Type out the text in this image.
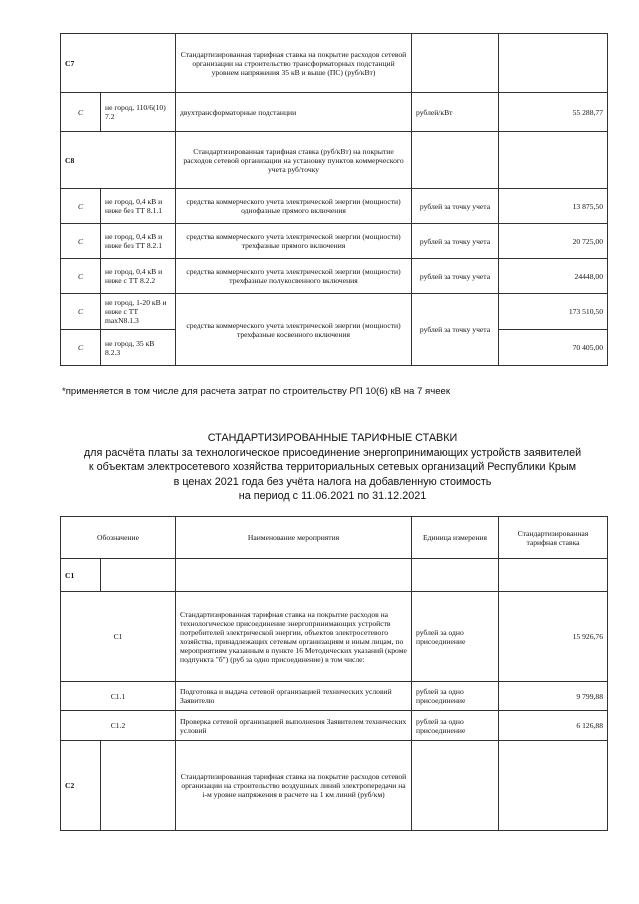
С7		Стандартизированная тарифная ставка на покрытие расходов сетевой организации на строительство трансформаторных подстанций уровнем напряжения 35 кВ и выше (ПС) (руб/кВт)		
C	не город, 110/6(10) 7.2	двухтрансформаторные подстанции	рублей/кВт	55 288,77
С8		Стандартизированная тарифная ставка (руб/кВт) на покрытие расходов сетевой организации на установку пунктов коммерческого учета руб/точку		
C	не город, 0,4 кВ и ниже без ТТ 8.1.1	средства коммерческого учета электрической энергии (мощности) однофазные прямого включения	рублей за точку учета	13 875,50
C	не город, 0,4 кВ и ниже без ТТ 8.2.1	средства коммерческого учета электрической энергии (мощности) трехфазные прямого включения	рублей за точку учета	20 725,00
C	не город, 0,4 кВ и ниже с ТТ 8.2.2	средства коммерческого учета электрической энергии (мощности) трехфазные полукосвенного включения	рублей за точку учета	24448,00
C	не город, 1-20 кВ и ниже с ТТ maxN8.1.3	средства коммерческого учета электрической энергии (мощности) трехфазные косвенного включения	рублей за точку учета	173 510,50
C	не город, 35 кВ 8.2.3			70 405,00
*применяется в том числе для расчета затрат по строительству РП 10(6) кВ на 7 ячеек
СТАНДАРТИЗИРОВАННЫЕ ТАРИФНЫЕ СТАВКИ
для расчёта платы за технологическое присоединение энергопринимающих устройств заявителей
к объектам электросетевого хозяйства территориальных сетевых организаций Республики Крым
в ценах 2021 года без учёта налога на добавленную стоимость
на период с 11.06.2021 по 31.12.2021
Обозначение		Наименование мероприятия	Единица измерения	Стандартизированная тарифная ставка
С1				
С1		Стандартизированная тарифная ставка на покрытие расходов на технологическое присоединение энергопринимающих устройств потребителей электрической энергии, объектов электросетевого хозяйства, принадлежащих сетевым организациям и иным лицам, по мероприятиям указанным в пункте 16 Методических указаний (кроме подпункта "б") (руб за одно присоединение) в том числе:	рублей за одно присоединение	15 926,76
С1.1		Подготовка и выдача сетевой организацией технических условий Заявителю	рублей за одно присоединение	9 799,88
С1.2		Проверка сетевой организацией выполнения Заявителем технических условий	рублей за одно присоединение	6 126,88
С2		Стандартизированная тарифная ставка на покрытие расходов сетевой организации на строительство воздушных линий электропередачи на i-м уровне напряжения в расчете на 1 км линий (руб/км)		
